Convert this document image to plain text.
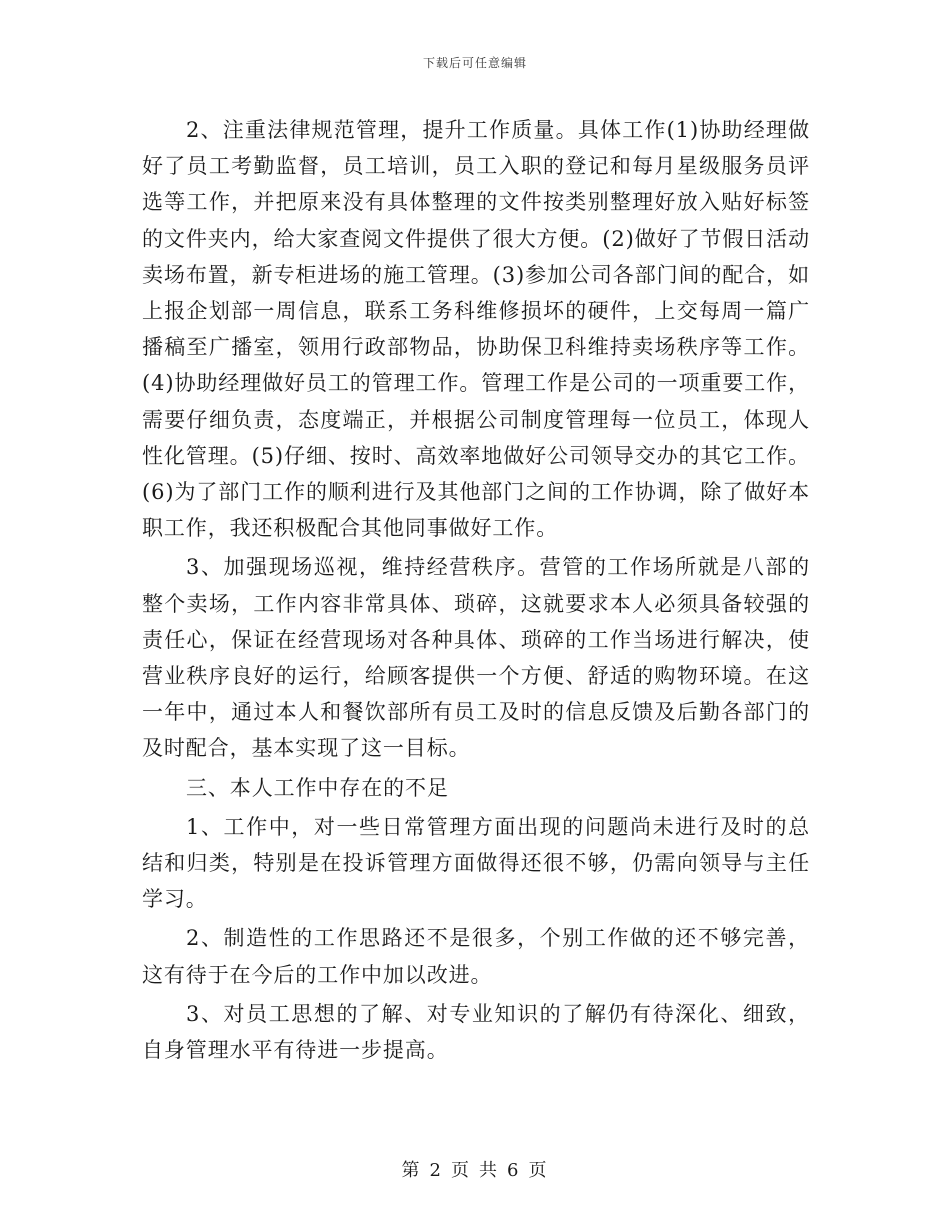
下载后可任意编辑

2、注重法律规范管理，提升工作质量。具体工作(1)协助经理做好了员工考勤监督，员工培训，员工入职的登记和每月星级服务员评选等工作，并把原来没有具体整理的文件按类别整理好放入贴好标签的文件夹内，给大家查阅文件提供了很大方便。(2)做好了节假日活动卖场布置，新专柜进场的施工管理。(3)参加公司各部门间的配合，如上报企划部一周信息，联系工务科维修损坏的硬件，上交每周一篇广播稿至广播室，领用行政部物品，协助保卫科维持卖场秩序等工作。(4)协助经理做好员工的管理工作。管理工作是公司的一项重要工作，需要仔细负责，态度端正，并根据公司制度管理每一位员工，体现人性化管理。(5)仔细、按时、高效率地做好公司领导交办的其它工作。(6)为了部门工作的顺利进行及其他部门之间的工作协调，除了做好本职工作，我还积极配合其他同事做好工作。

3、加强现场巡视，维持经营秩序。营管的工作场所就是八部的整个卖场，工作内容非常具体、琐碎，这就要求本人必须具备较强的责任心，保证在经营现场对各种具体、琐碎的工作当场进行解决，使营业秩序良好的运行，给顾客提供一个方便、舒适的购物环境。在这一年中，通过本人和餐饮部所有员工及时的信息反馈及后勤各部门的及时配合，基本实现了这一目标。

三、本人工作中存在的不足

1、工作中，对一些日常管理方面出现的问题尚未进行及时的总结和归类，特别是在投诉管理方面做得还很不够，仍需向领导与主任学习。

2、制造性的工作思路还不是很多，个别工作做的还不够完善，这有待于在今后的工作中加以改进。

3、对员工思想的了解、对专业知识的了解仍有待深化、细致，自身管理水平有待进一步提高。

第 2 页 共 6 页
